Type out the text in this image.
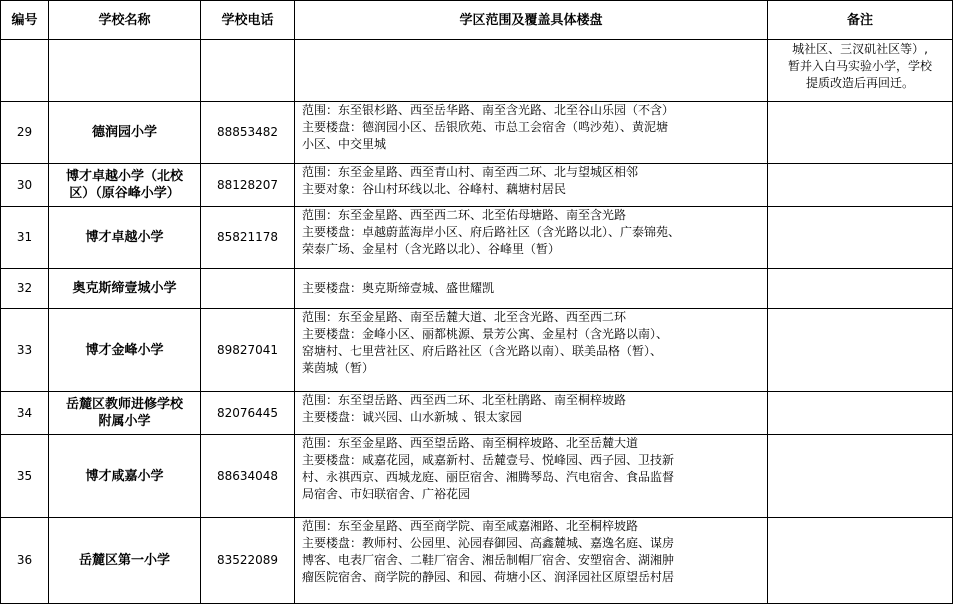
编号	学校名称	学校电话	学区范围及覆盖具体楼盘	备注

				城社区、三汊矶社区等）,
暂并入白马实验小学，学校
提质改造后再回迁。

29	德润园小学	88853482	范围：东至银杉路、西至岳华路、南至含光路、北至谷山乐园（不含）
主要楼盘：德润园小区、岳银欣苑、市总工会宿舍（鸣沙苑）、黄泥塘
小区、中交里城	

30	博才卓越小学（北校
区）（原谷峰小学）	88128207	范围：东至金星路、西至青山村、南至西二环、北与望城区相邻
主要对象：谷山村环线以北、谷峰村、藕塘村居民	

31	博才卓越小学	85821178	范围：东至金星路、西至西二环、北至佑母塘路、南至含光路
主要楼盘：卓越蔚蓝海岸小区、府后路社区（含光路以北）、广泰锦苑、
荣泰广场、金星村（含光路以北）、谷峰里（暂）	

32	奥克斯缔壹城小学		主要楼盘：奥克斯缔壹城、盛世耀凯	

33	博才金峰小学	89827041	范围：东至金星路、南至岳麓大道、北至含光路、西至西二环
主要楼盘：金峰小区、丽都桃源、景芳公寓、金星村（含光路以南）、
窑塘村、七里营社区、府后路社区（含光路以南）、联美品格（暂）、
莱茵城（暂）	

34	岳麓区教师进修学校
附属小学	82076445	范围：东至望岳路、西至西二环、北至杜鹃路、南至桐梓坡路
主要楼盘：诚兴园、山水新城 、银太家园	

35	博才咸嘉小学	88634048	范围：东至金星路、西至望岳路、南至桐梓坡路、北至岳麓大道
主要楼盘：咸嘉花园，咸嘉新村、岳麓壹号、悦峰园、西子园、卫技新
村、永祺西京、西城龙庭、丽臣宿舍、湘腾琴岛、汽电宿舍、食品监督
局宿舍、市妇联宿舍、广裕花园	

36	岳麓区第一小学	83522089	范围：东至金星路、西至商学院、南至咸嘉湘路、北至桐梓坡路
主要楼盘：教师村、公园里、沁园春御园、高鑫麓城、嘉逸名庭、谋房
博客、电表厂宿舍、二鞋厂宿舍、湘岳制帽厂宿舍、安塑宿舍、湖湘肿
瘤医院宿舍、商学院的静园、和园、荷塘小区、润泽园社区原望岳村居	
